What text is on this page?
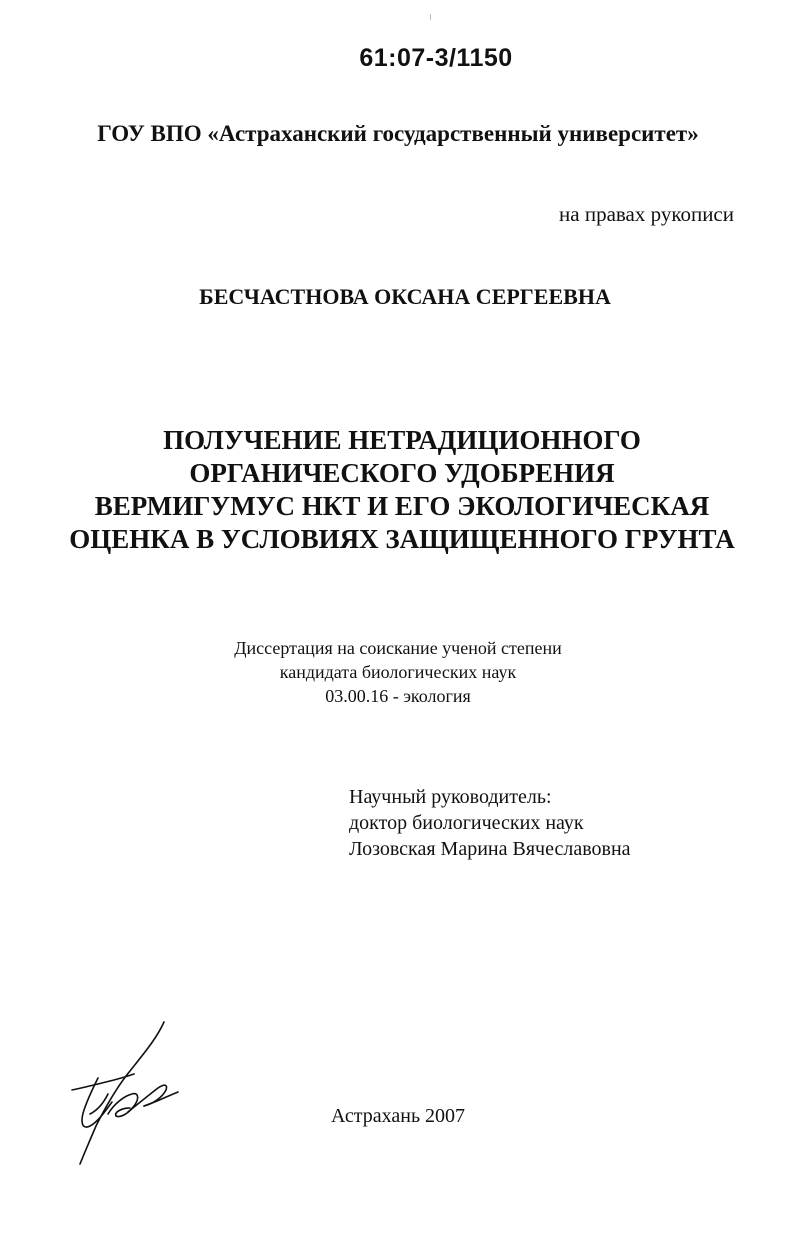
61:07-3/1150

ГОУ ВПО «Астраханский государственный университет»

на правах рукописи

БЕСЧАСТНОВА ОКСАНА СЕРГЕЕВНА

ПОЛУЧЕНИЕ НЕТРАДИЦИОННОГО
ОРГАНИЧЕСКОГО УДОБРЕНИЯ
ВЕРМИГУМУС НКТ И ЕГО ЭКОЛОГИЧЕСКАЯ
ОЦЕНКА В УСЛОВИЯХ ЗАЩИЩЕННОГО ГРУНТА
Диссертация на соискание ученой степени
кандидата биологических наук
03.00.16 - экология
Научный руководитель:
доктор биологических наук
Лозовская Марина Вячеславовна

Астрахань 2007
